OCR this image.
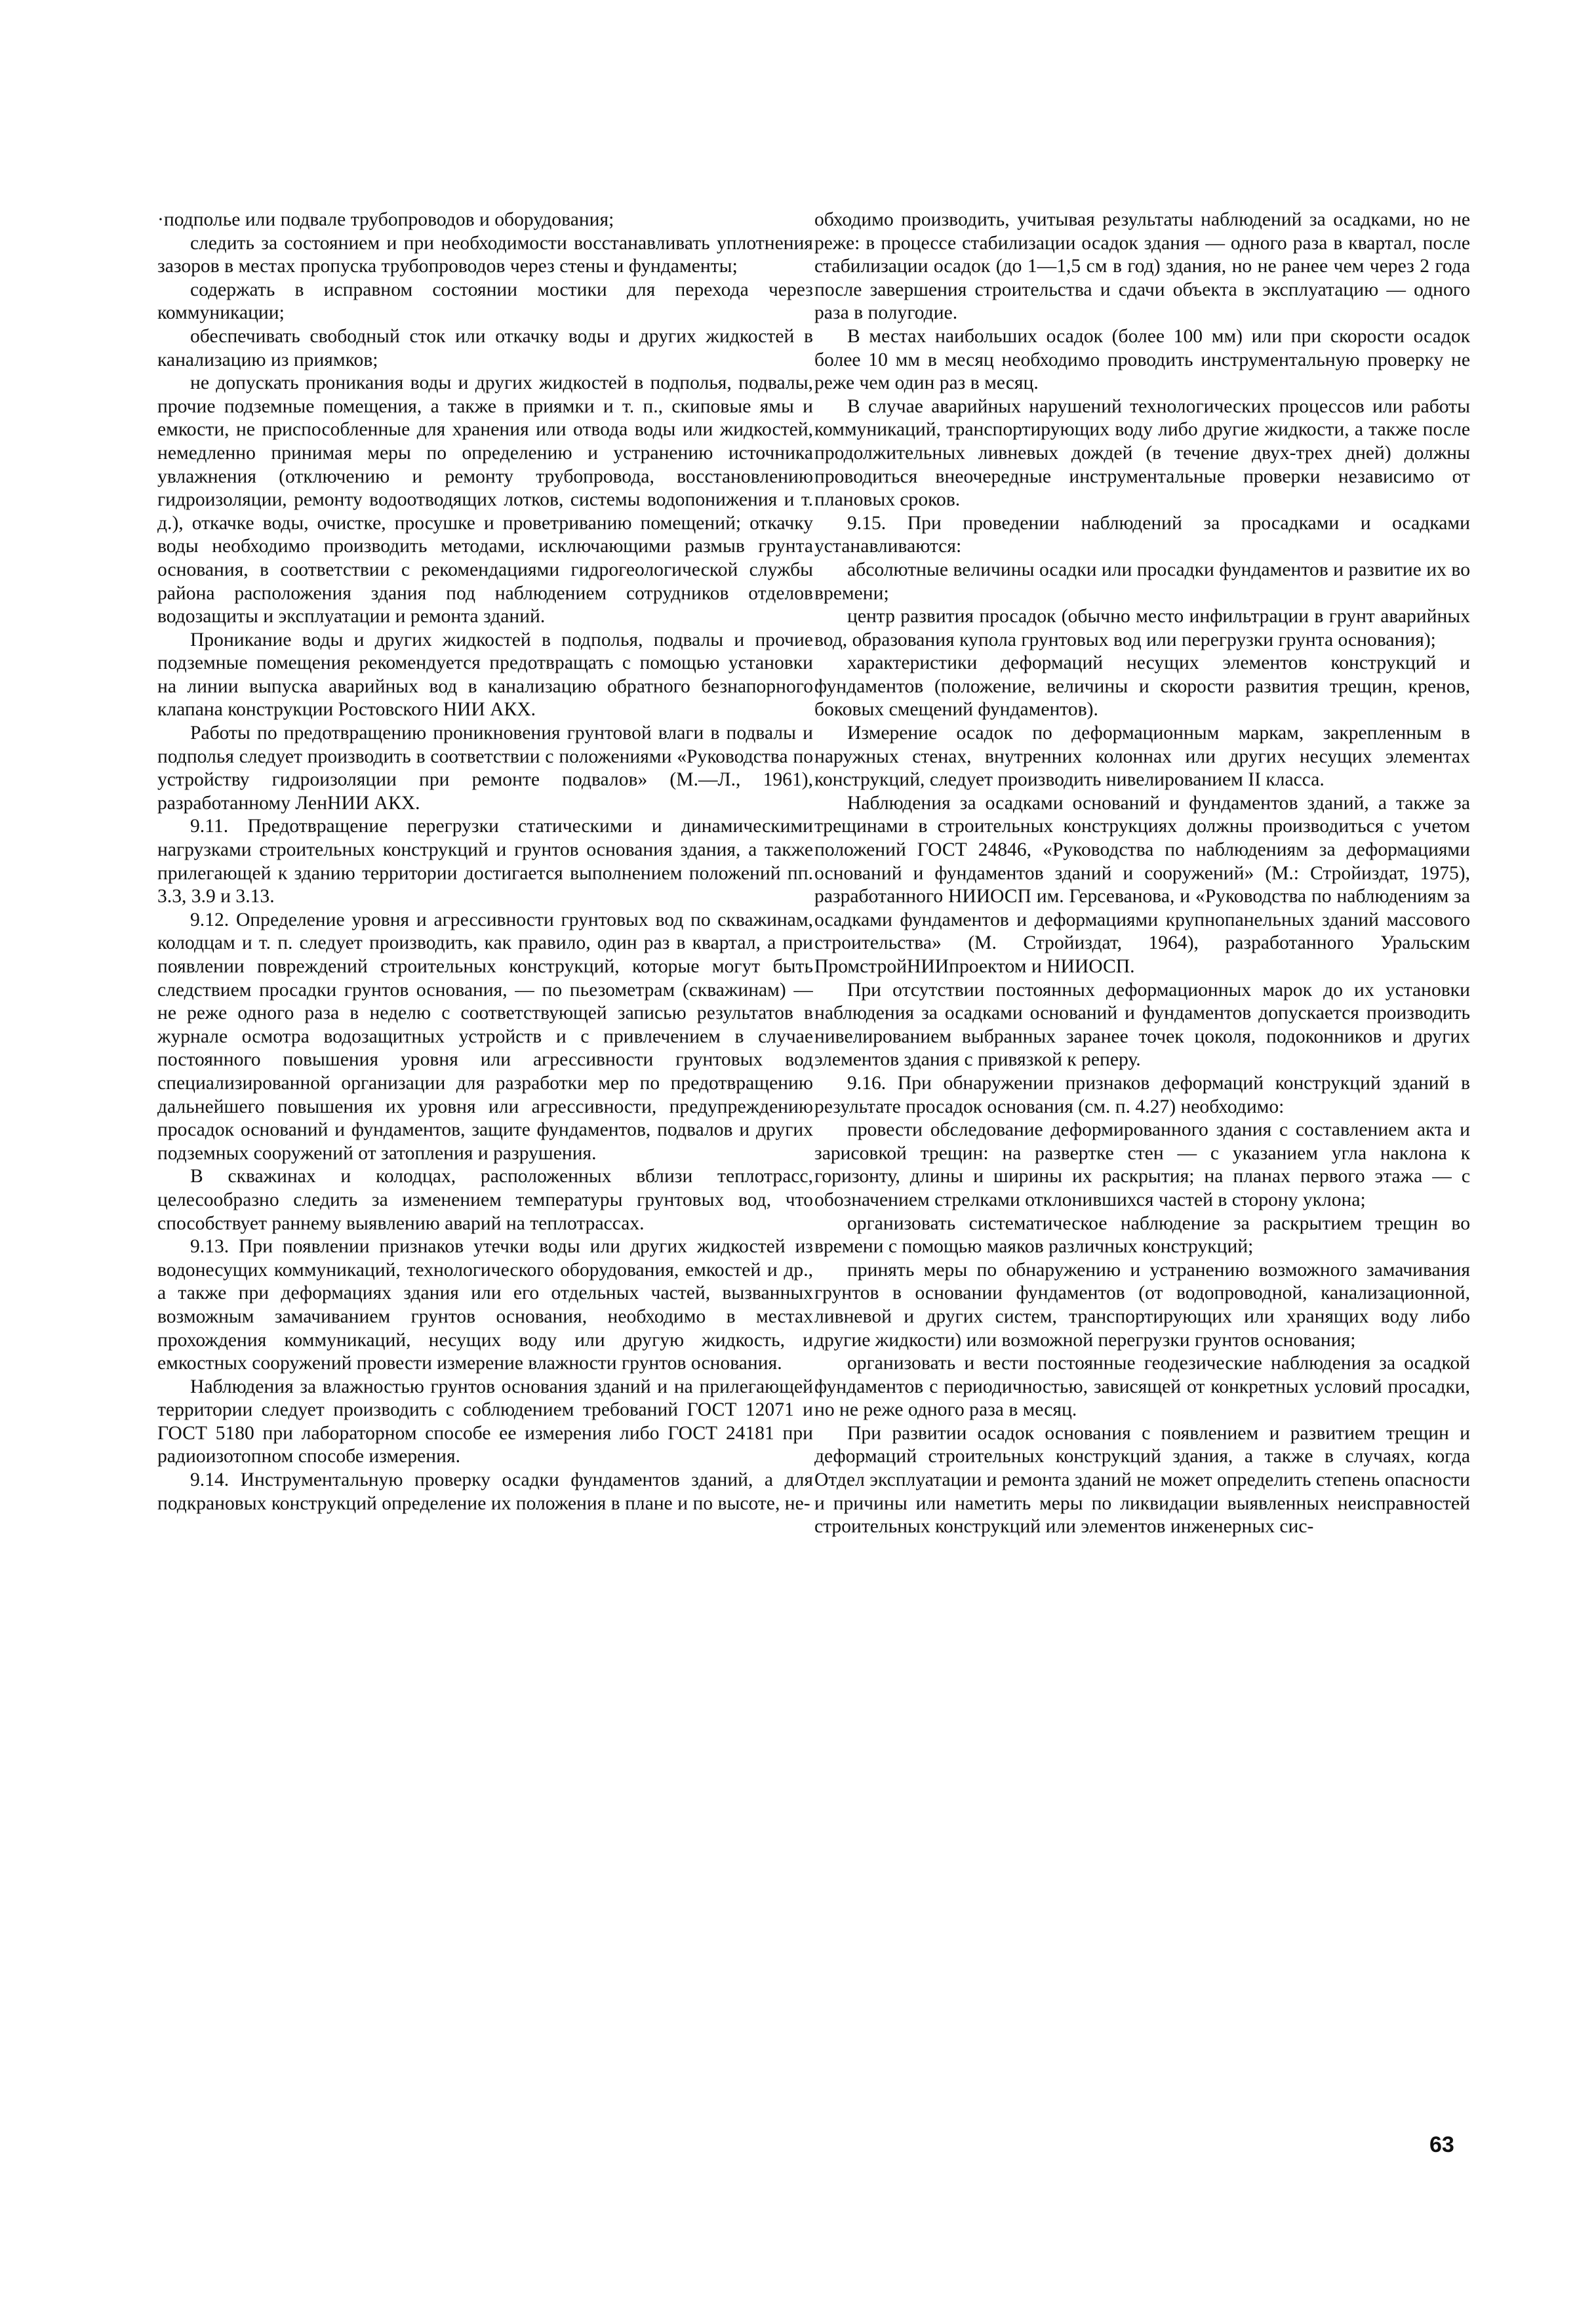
·подполье или подвале трубопроводов и оборудования;

следить за состоянием и при необходимости восстанавливать уплотнения зазоров в местах пропуска трубопроводов через стены и фундаменты;

содержать в исправном состоянии мостики для перехода через коммуникации;

обеспечивать свободный сток или откачку воды и других жидкостей в канализацию из приямков;

не допускать проникания воды и других жидкостей в подполья, подвалы, прочие подземные помещения, а также в приямки и т. п., скиповые ямы и емкости, не приспособленные для хранения или отвода воды или жидкостей, немедленно принимая меры по определению и устранению источника увлажнения (отключению и ремонту трубопровода, восстановлению гидроизоляции, ремонту водоотводящих лотков, системы водопонижения и т. д.), откачке воды, очистке, просушке и проветриванию помещений; откачку воды необходимо производить методами, исключающими размыв грунта основания, в соответствии с рекомендациями гидрогеологической службы района расположения здания под наблюдением сотрудников отделов водозащиты и эксплуатации и ремонта зданий.

Проникание воды и других жидкостей в подполья, подвалы и прочие подземные помещения рекомендуется предотвращать с помощью установки на линии выпуска аварийных вод в канализацию обратного безнапорного клапана конструкции Ростовского НИИ АКХ.

Работы по предотвращению проникновения грунтовой влаги в подвалы и подполья следует производить в соответствии с положениями «Руководства по устройству гидроизоляции при ремонте подвалов» (М.—Л., 1961), разработанному ЛенНИИ АКХ.

9.11. Предотвращение перегрузки статическими и динамическими нагрузками строительных конструкций и грунтов основания здания, а также прилегающей к зданию территории достигается выполнением положений пп. 3.3, 3.9 и 3.13.

9.12. Определение уровня и агрессивности грунтовых вод по скважинам, колодцам и т. п. следует производить, как правило, один раз в квартал, а при появлении повреждений строительных конструкций, которые могут быть следствием просадки грунтов основания, — по пьезометрам (скважинам) — не реже одного раза в неделю с соответствующей записью результатов в журнале осмотра водозащитных устройств и с привлечением в случае постоянного повышения уровня или агрессивности грунтовых вод специализированной организации для разработки мер по предотвращению дальнейшего повышения их уровня или агрессивности, предупреждению просадок оснований и фундаментов, защите фундаментов, подвалов и других подземных сооружений от затопления и разрушения.

В скважинах и колодцах, расположенных вблизи теплотрасс, целесообразно следить за изменением температуры грунтовых вод, что способствует раннему выявлению аварий на теплотрассах.

9.13. При появлении признаков утечки воды или других жидкостей из водонесущих коммуникаций, технологического оборудования, емкостей и др., а также при деформациях здания или его отдельных частей, вызванных возможным замачиванием грунтов основания, необходимо в местах прохождения коммуникаций, несущих воду или другую жидкость, и емкостных сооружений провести измерение влажности грунтов основания.

Наблюдения за влажностью грунтов основания зданий и на прилегающей территории следует производить с соблюдением требований ГОСТ 12071 и ГОСТ 5180 при лабораторном способе ее измерения либо ГОСТ 24181 при радиоизотопном способе измерения.

9.14. Инструментальную проверку осадки фундаментов зданий, а для подкрановых конструкций определение их положения в плане и по высоте, не-

обходимо производить, учитывая результаты наблюдений за осадками, но не реже: в процессе стабилизации осадок здания — одного раза в квартал, после стабилизации осадок (до 1—1,5 см в год) здания, но не ранее чем через 2 года после завершения строительства и сдачи объекта в эксплуатацию — одного раза в полугодие.

В местах наибольших осадок (более 100 мм) или при скорости осадок более 10 мм в месяц необходимо проводить инструментальную проверку не реже чем один раз в месяц.

В случае аварийных нарушений технологических процессов или работы коммуникаций, транспортирующих воду либо другие жидкости, а также после продолжительных ливневых дождей (в течение двух-трех дней) должны проводиться внеочередные инструментальные проверки независимо от плановых сроков.

9.15. При проведении наблюдений за просадками и осадками устанавливаются:

абсолютные величины осадки или просадки фундаментов и развитие их во времени;

центр развития просадок (обычно место инфильтрации в грунт аварийных вод, образования купола грунтовых вод или перегрузки грунта основания);

характеристики деформаций несущих элементов конструкций и фундаментов (положение, величины и скорости развития трещин, кренов, боковых смещений фундаментов).

Измерение осадок по деформационным маркам, закрепленным в наружных стенах, внутренних колоннах или других несущих элементах конструкций, следует производить нивелированием II класса.

Наблюдения за осадками оснований и фундаментов зданий, а также за трещинами в строительных конструкциях должны производиться с учетом положений ГОСТ 24846, «Руководства по наблюдениям за деформациями оснований и фундаментов зданий и сооружений» (М.: Стройиздат, 1975), разработанного НИИОСП им. Герсеванова, и «Руководства по наблюдениям за осадками фундаментов и деформациями крупнопанельных зданий массового строительства» (М. Стройиздат, 1964), разработанного Уральским ПромстройНИИпроектом и НИИОСП.

При отсутствии постоянных деформационных марок до их установки наблюдения за осадками оснований и фундаментов допускается производить нивелированием выбранных заранее точек цоколя, подоконников и других элементов здания с привязкой к реперу.

9.16. При обнаружении признаков деформаций конструкций зданий в результате просадок основания (см. п. 4.27) необходимо:

провести обследование деформированного здания с составлением акта и зарисовкой трещин: на развертке стен — с указанием угла наклона к горизонту, длины и ширины их раскрытия; на планах первого этажа — с обозначением стрелками отклонившихся частей в сторону уклона;

организовать систематическое наблюдение за раскрытием трещин во времени с помощью маяков различных конструкций;

принять меры по обнаружению и устранению возможного замачивания грунтов в основании фундаментов (от водопроводной, канализационной, ливневой и других систем, транспортирующих или хранящих воду либо другие жидкости) или возможной перегрузки грунтов основания;

организовать и вести постоянные геодезические наблюдения за осадкой фундаментов с периодичностью, зависящей от конкретных условий просадки, но не реже одного раза в месяц.

При развитии осадок основания с появлением и развитием трещин и деформаций строительных конструкций здания, а также в случаях, когда Отдел эксплуатации и ремонта зданий не может определить степень опасности и причины или наметить меры по ликвидации выявленных неисправностей строительных конструкций или элементов инженерных сис-

63
